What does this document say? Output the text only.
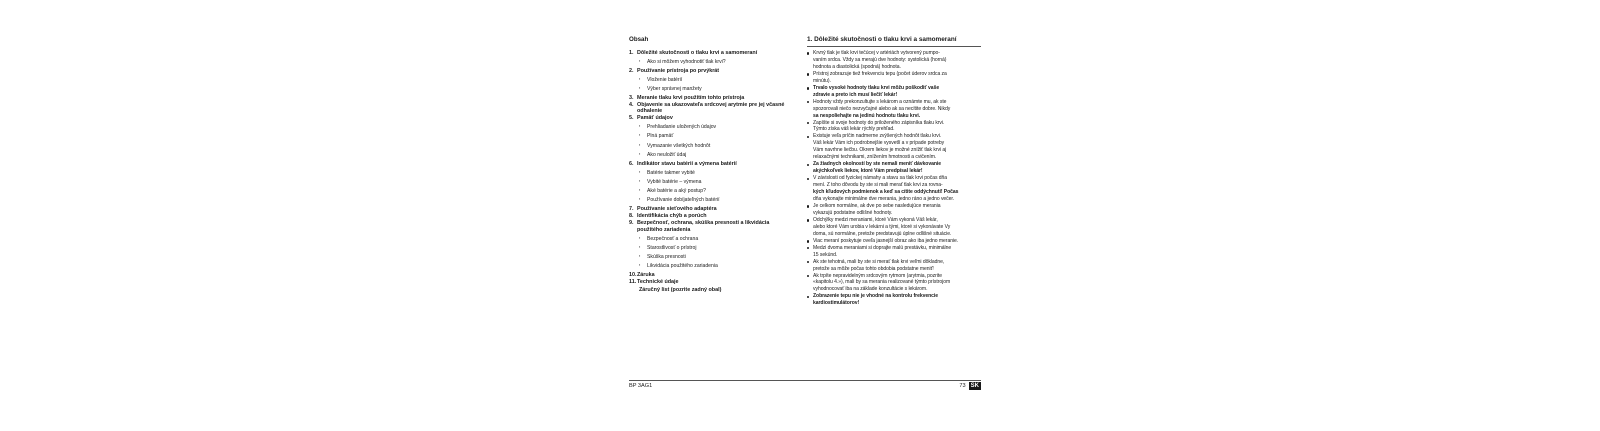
Obsah
1. Dôležité skutočnosti o tlaku krvi a samomeraní
▪ Ako si môžem vyhodnotiť tlak krvi?
2. Používanie prístroja po prvýkrát
▪ Vloženie batérií
▪ Výber správnej manžety
3. Meranie tlaku krvi použitím tohto prístroja
4. Objavenie sa ukazovateľa srdcovej arytmie pre jej včasné odhalenie
5. Pamäť údajov
▪ Prehliadanie uložených údajov
▪ Plná pamäť
▪ Vymazanie všetkých hodnôt
▪ Ako neuložiť údaj
6. Indikátor stavu batérií a výmena batérií
▪ Batérie takmer vybité
▪ Vybité batérie – výmena
▪ Aké batérie a aký postup?
▪ Používanie dobíjateľných batérií
7. Používanie sieťového adaptéra
8. Identifikácia chýb a porúch
9. Bezpečnosť, ochrana, skúška presnosti a likvidácia použitého zariadenia
▪ Bezpečnosť a ochrana
▪ Starostlivosť o prístroj
▪ Skúška presnosti
▪ Likvidácia použitého zariadenia
10.Záruka
11.Technické údaje
Záručný list (pozrite zadný obal)
1. Dôležité skutočnosti o tlaku krvi a samomeraní
Krvný tlak je tlak krvi tečúcej v artériách vytvorený pumpo-
vaním srdca. Vždy sa merajú dve hodnoty: systolická (horná)
hodnota a diastolická (spodná) hodnota.
Prístroj zobrazuje tiež frekvenciu tepu (počet úderov srdca za
minútu).
Trvalo vysoké hodnoty tlaku krvi môžu poškodiť vaše
zdravie a preto ich musí liečiť lekár!
Hodnoty vždy prekonzultujte s lekárom a oznámte mu, ak ste
spozorovali niečo nezvyčajné alebo ak sa necítite dobre. Nikdy
sa nespoliehajte na jedinú hodnotu tlaku krvi.
Zapíšte si svoje hodnoty do priloženého zápisníka tlaku krvi.
Týmto získa váš lekár rýchly prehľad.
Existuje veľa príčin nadmerne zvýšených hodnôt tlaku krvi.
Váš lekár Vám ich podrobnejšie vysvetlí a v prípade potreby
Vám navrhne liečbu. Okrem liekov je možné znížiť tlak krvi aj
relaxačnými technikami, znížením hmotnosti a cvičením.
Za žiadnych okolností by ste nemali meniť dávkovanie
akýchkoľvek liekov, ktoré Vám predpísal lekár!
V závislosti od fyzickej námahy a stavu sa tlak krvi počas dňa
mení. Z toho dôvodu by ste si mali merať tlak krvi za rovna-
kých kľudových podmienok a keď sa cítite oddýchnutí! Počas
dňa vykonajte minimálne dve merania, jedno ráno a jedno večer.
Je celkom normálne, ak dve po sebe nasledujúce merania
vykazujú podstatne odlišné hodnoty.
Odchýlky medzi meraniami, ktoré Vám vykoná Váš lekár,
alebo ktoré Vám urobia v lekárni a tými, ktoré si vykonávate Vy
doma, sú normálne, pretože predstavujú úplne odlišné situácie.
Viac meraní poskytuje oveľa jasnejší obraz ako iba jedno meranie.
Medzi dvoma meraniami si doprajte malú prestávku, minimálne
15 sekúnd.
Ak ste tehotná, mali by ste si merať tlak krvi veľmi dôkladne,
pretože sa môže počas tohto obdobia podstatne meniť!
Ak trpíte nepravidelným srdcovým rytmom (arytmia, pozrite
«kapitolu 4.»), mali by sa merania realizované týmto prístrojom
vyhodnocovať iba na základe konzultácie s lekárom.
Zobrazenie tepu nie je vhodné na kontrolu frekvencie
kardiostimulátorov!
BP 3AG1	73 SK
